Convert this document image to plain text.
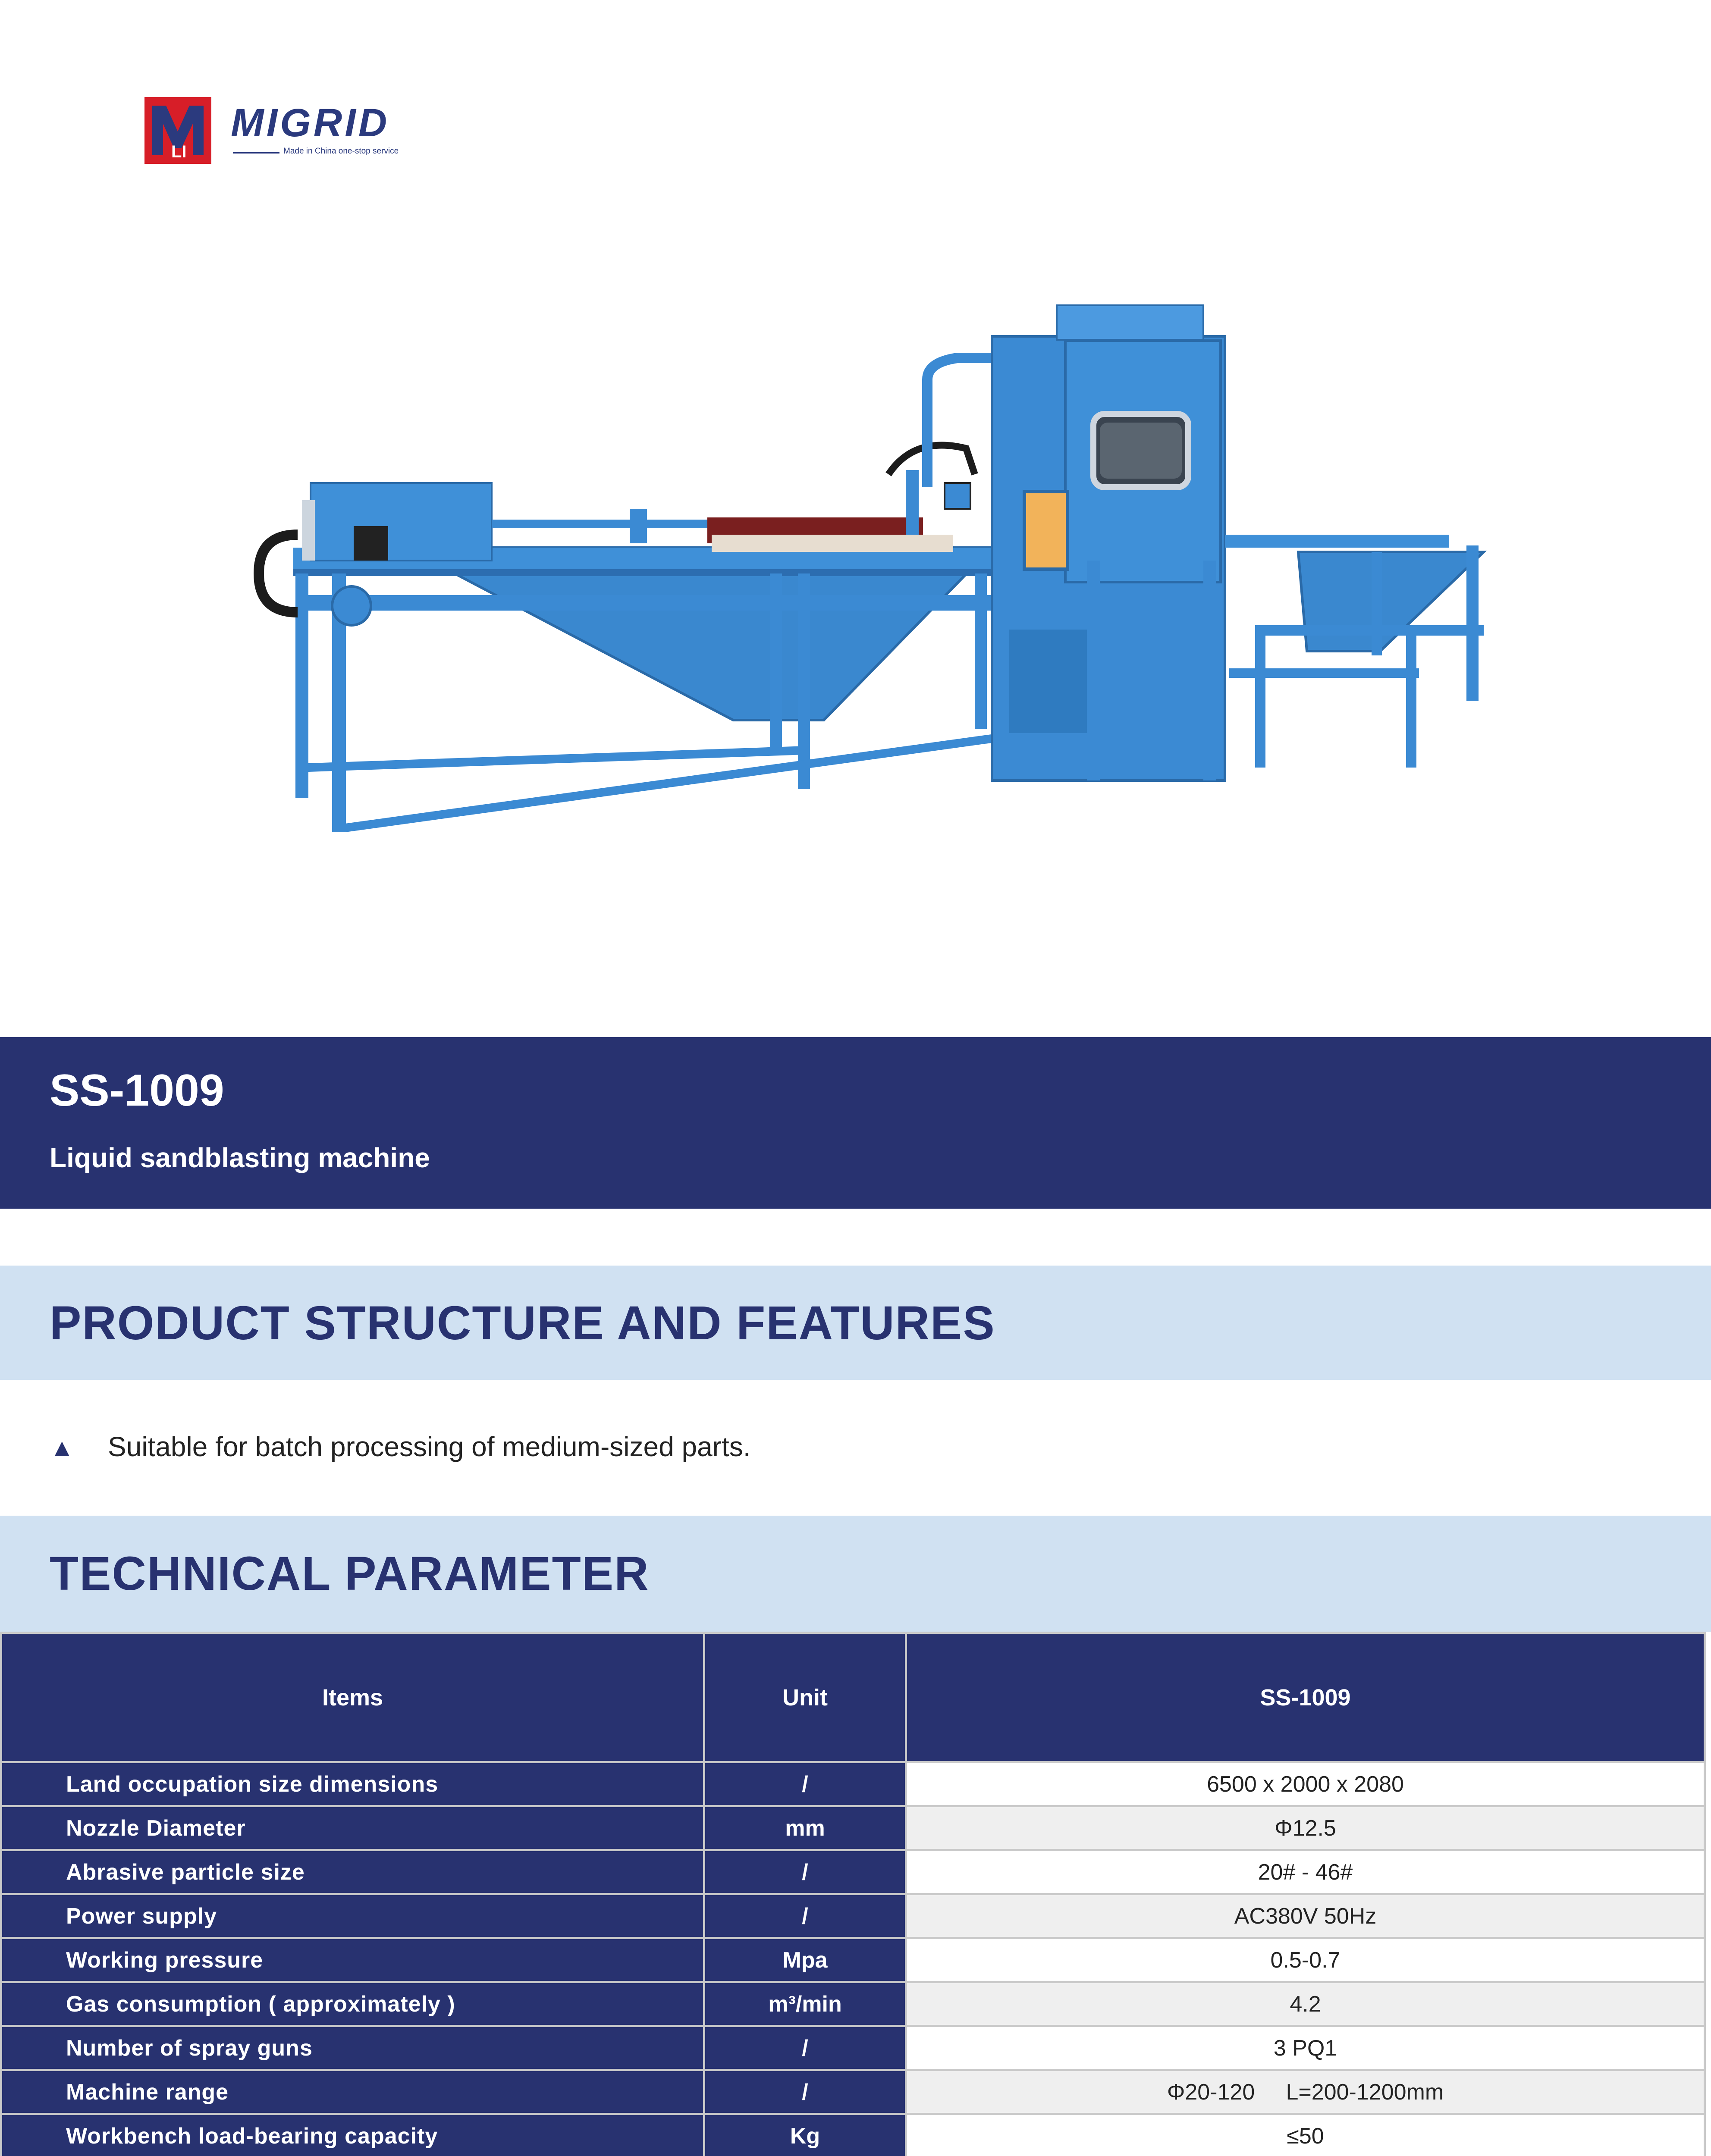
LI
MIGRID
Made in China one-stop service
SS-1009
Liquid sandblasting machine
PRODUCT STRUCTURE AND FEATURES
▲ Suitable for batch processing of medium-sized parts.
TECHNICAL PARAMETER
Items	Unit	SS-1009
Land occupation size dimensions	/	6500 x 2000 x 2080
Nozzle Diameter	mm	Φ12.5
Abrasive particle size	/	20# - 46#
Power supply	/	AC380V 50Hz
Working pressure	Mpa	0.5-0.7
Gas consumption ( approximately )	m³/min	4.2
Number of spray guns	/	3 PQ1
Machine range	/	Φ20-120     L=200-1200mm
Workbench load-bearing capacity	Kg	≤50
